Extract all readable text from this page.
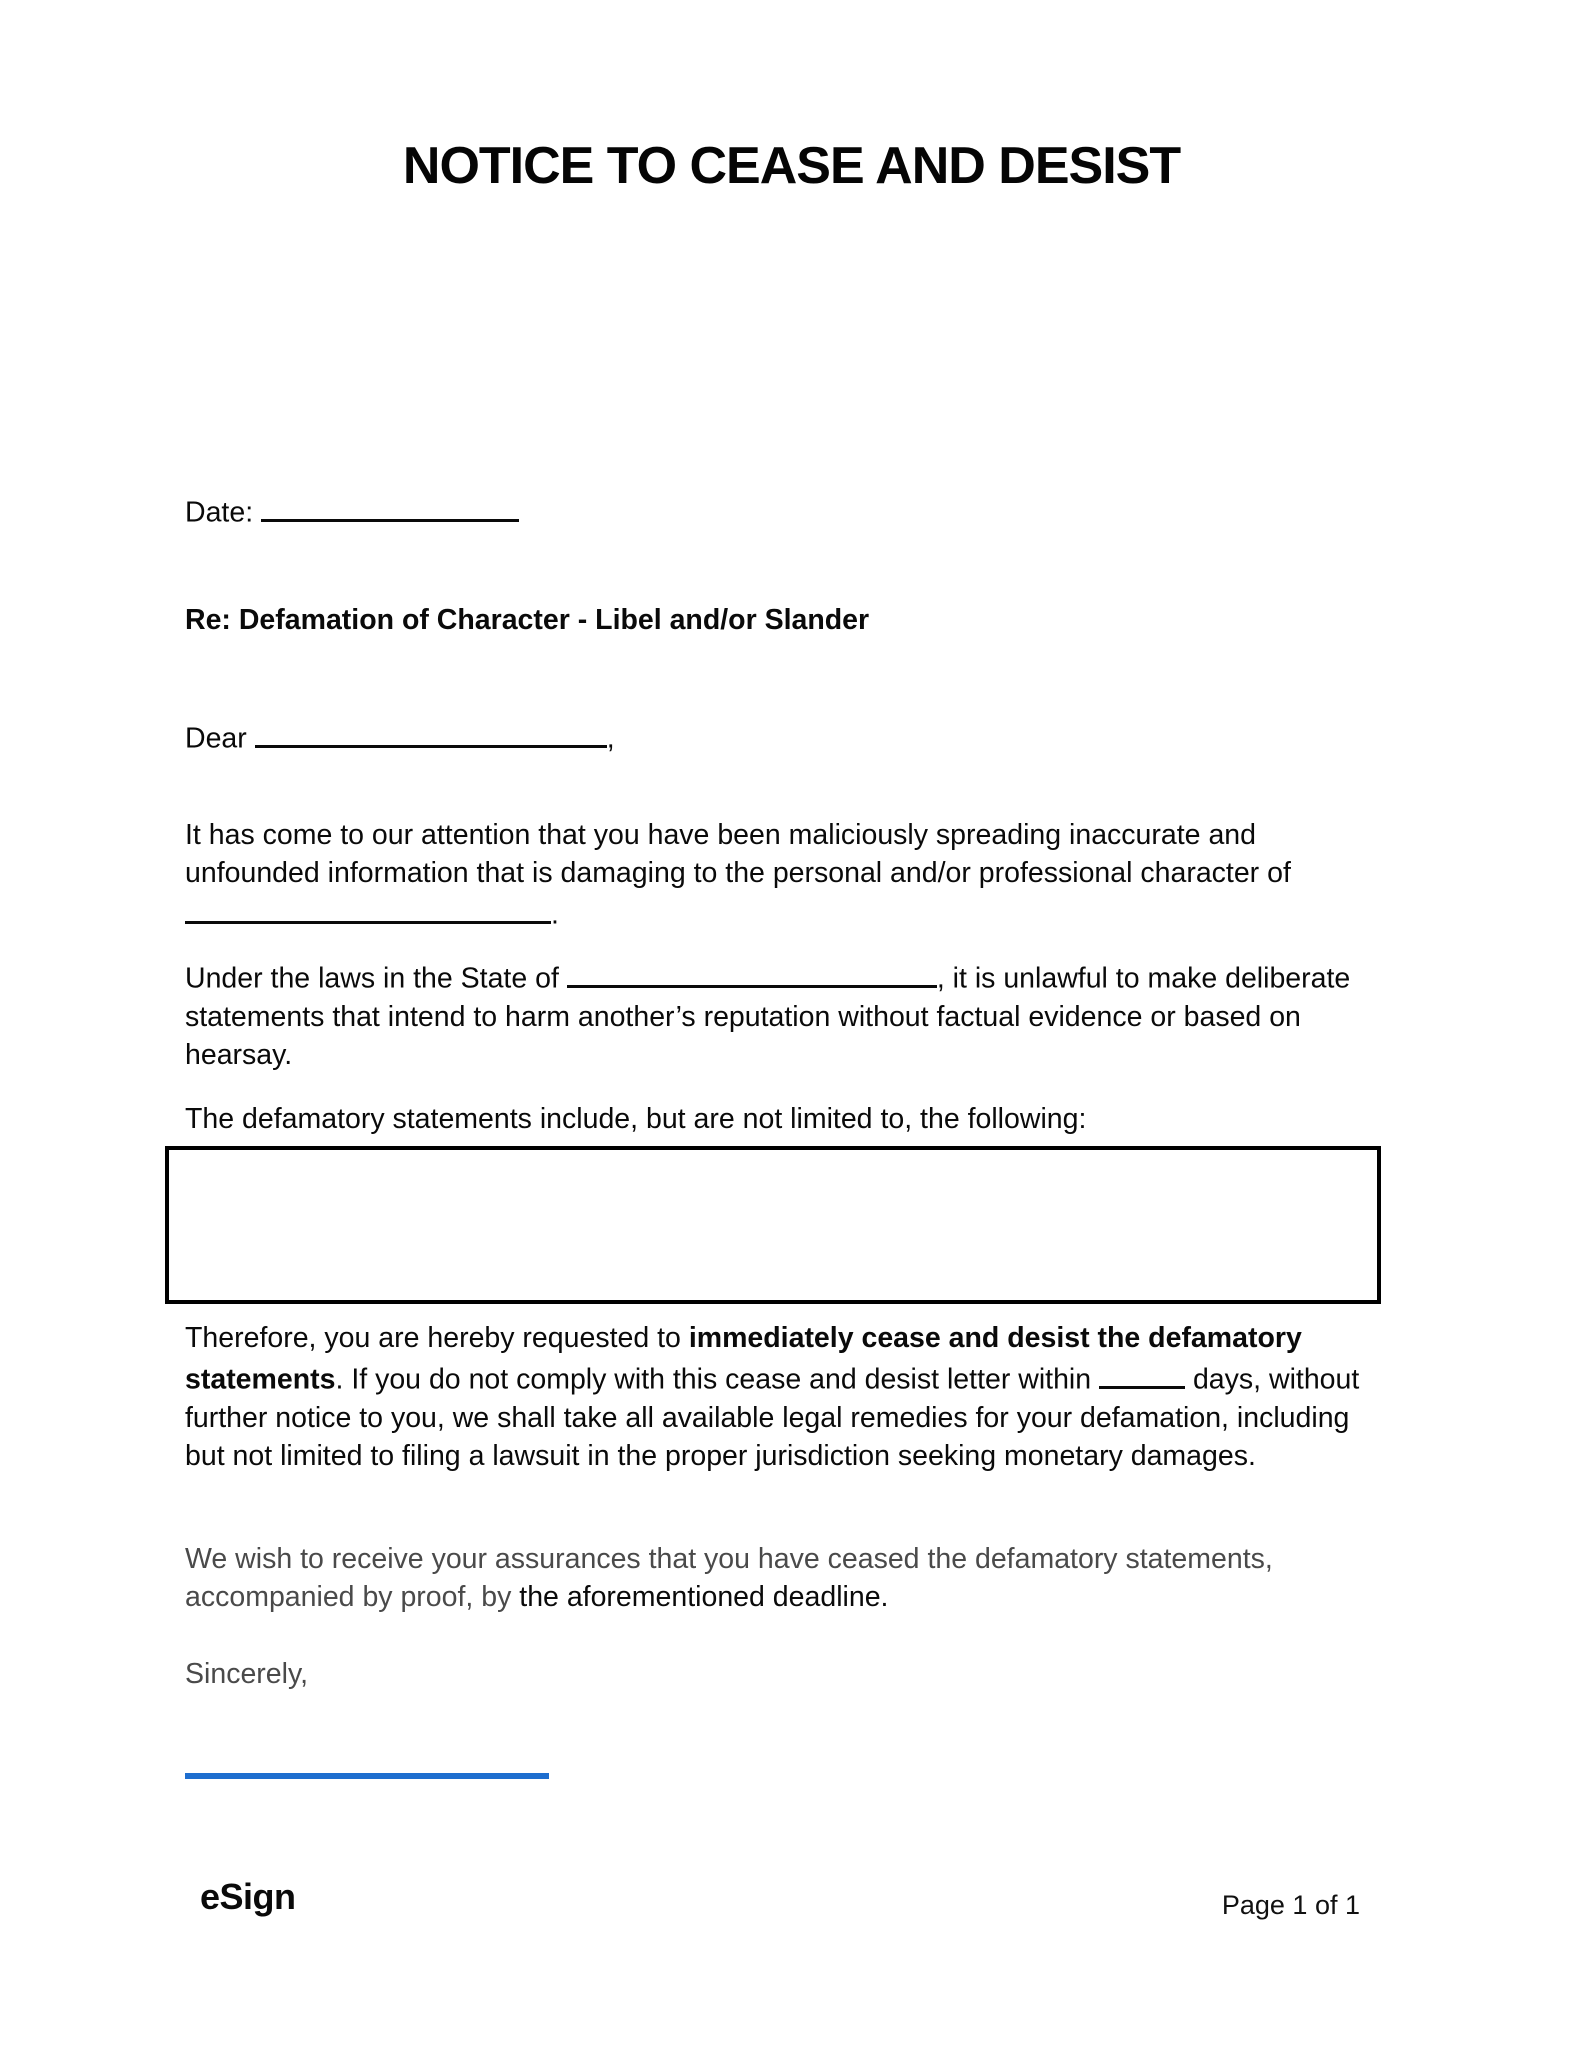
NOTICE TO CEASE AND DESIST
Date:
Re: Defamation of Character - Libel and/or Slander
Dear	,
It has come to our attention that you have been maliciously spreading inaccurate and unfounded information that is damaging to the personal and/or professional character of .
Under the laws in the State of	, it is unlawful to make deliberate statements that intend to harm another’s reputation without factual evidence or based on hearsay.
The defamatory statements include, but are not limited to, the following:
Therefore, you are hereby requested to immediately cease and desist the defamatory statements. If you do not comply with this cease and desist letter within	days, without further notice to you, we shall take all available legal remedies for your defamation, including but not limited to filing a lawsuit in the proper jurisdiction seeking monetary damages.
We wish to receive your assurances that you have ceased the defamatory statements, accompanied by proof, by the aforementioned deadline.
Sincerely,
eSign	Page 1 of 1
